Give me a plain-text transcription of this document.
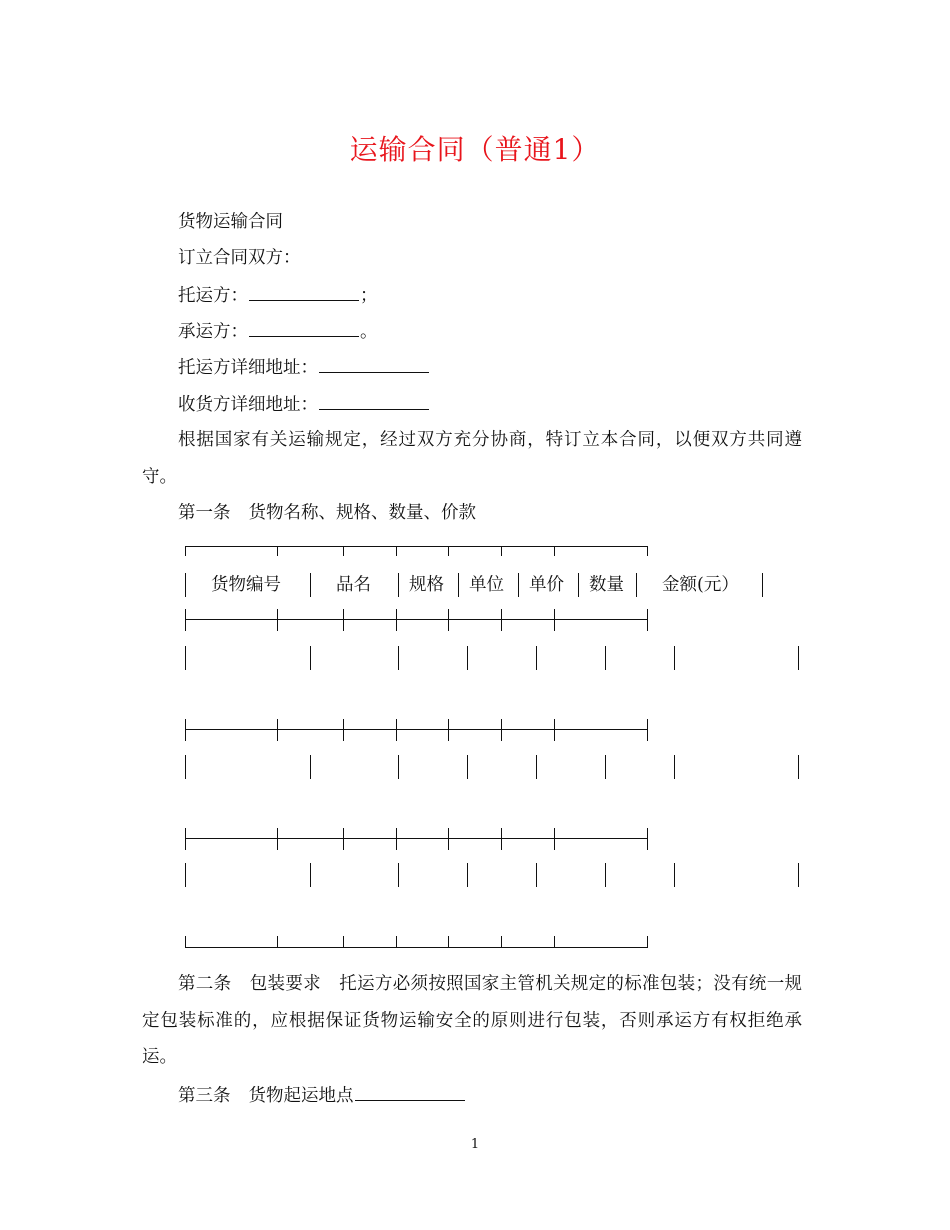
运输合同（普通1）
货物运输合同
订立合同双方：
托运方：	；
承运方：	。
托运方详细地址：
收货方详细地址：
根据国家有关运输规定，经过双方充分协商，特订立本合同，以便双方共同遵守。
第一条 货物名称、规格、数量、价款
货物编号	品名 规格 单位 单价 数量 金额(元）
第二条 包装要求 托运方必须按照国家主管机关规定的标准包装；没有统一规定包装标准的，应根据保证货物运输安全的原则进行包装，否则承运方有权拒绝承运。
第三条 货物起运地点
1
